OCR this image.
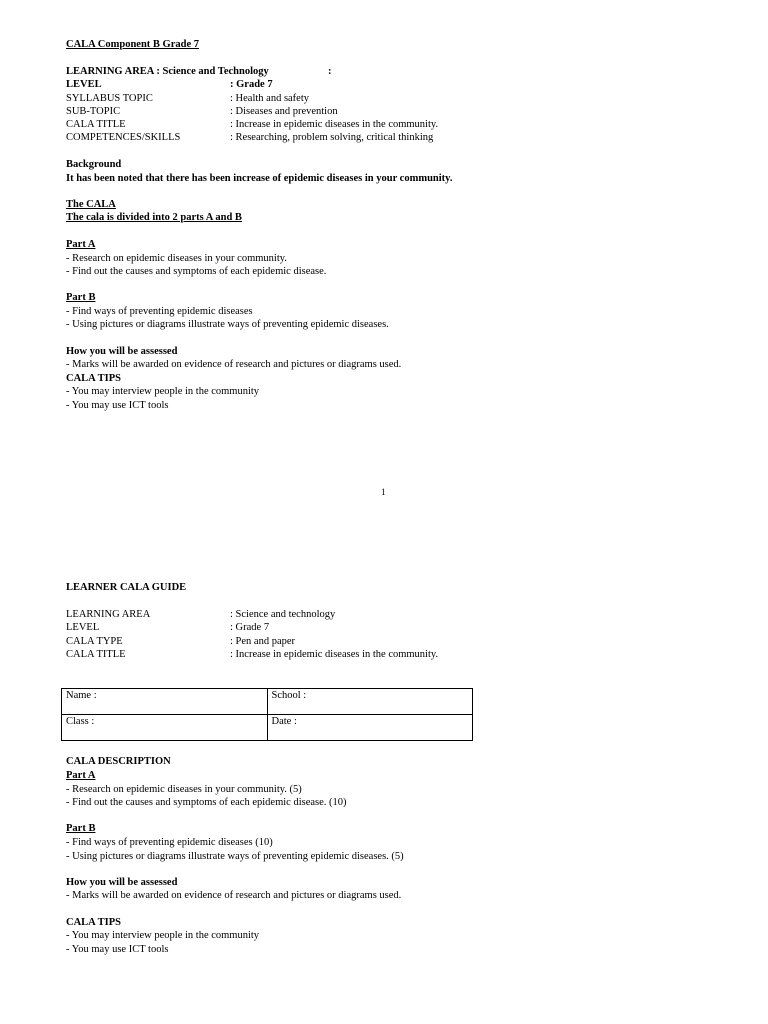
CALA Component B Grade 7
LEARNING AREA : Science and Technology	:
LEVEL	: Grade 7
SYLLABUS TOPIC	: Health and safety
SUB-TOPIC	: Diseases and prevention
CALA TITLE	: Increase in epidemic diseases in the community.
COMPETENCES/SKILLS	: Researching, problem solving, critical thinking
Background
It has been noted that there has been increase of epidemic diseases in your community.
The CALA
The cala is divided into 2 parts A and B
Part A
- Research on epidemic diseases in your community.
- Find out the causes and symptoms of each epidemic disease.
Part B
- Find ways of preventing epidemic diseases
- Using pictures or diagrams illustrate ways of preventing epidemic diseases.
How you will be assessed
- Marks will be awarded on evidence of research and pictures or diagrams used.
CALA TIPS
- You may interview people in the community
- You may use ICT tools
1
LEARNER CALA GUIDE
LEARNING AREA	: Science and technology
LEVEL	: Grade 7
CALA TYPE	: Pen and paper
CALA TITLE	: Increase in epidemic diseases in the community.
Name :	School :
Class :	Date :
CALA DESCRIPTION
Part A
- Research on epidemic diseases in your community. (5)
- Find out the causes and symptoms of each epidemic disease. (10)
Part B
- Find ways of preventing epidemic diseases (10)
- Using pictures or diagrams illustrate ways of preventing epidemic diseases. (5)
How you will be assessed
- Marks will be awarded on evidence of research and pictures or diagrams used.
CALA TIPS
- You may interview people in the community
- You may use ICT tools
